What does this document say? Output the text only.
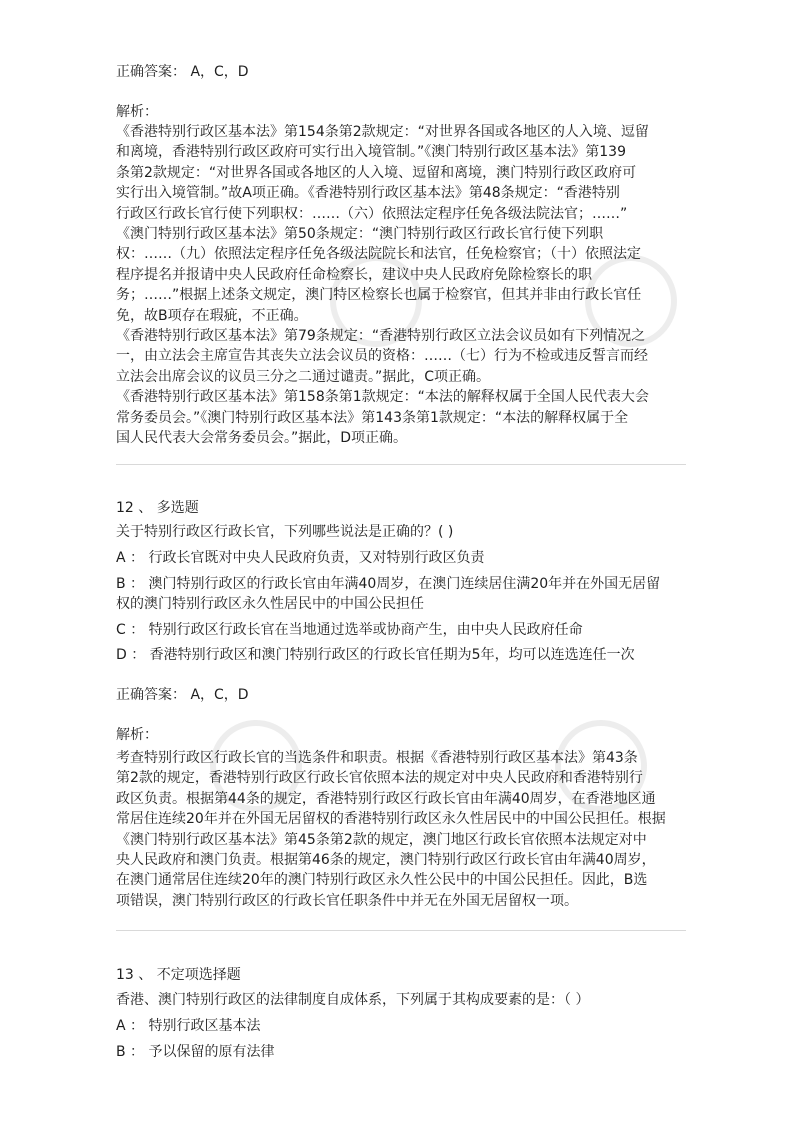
正确答案： A，C，D
解析：
《香港特别行政区基本法》第154条第2款规定：“对世界各国或各地区的人入境、逗留
和离境，香港特别行政区政府可实行出入境管制。”《澳门特别行政区基本法》第139
条第2款规定：“对世界各国或各地区的人入境、逗留和离境，澳门特别行政区政府可
实行出入境管制。”故A项正确。《香港特别行政区基本法》第48条规定：“香港特别
行政区行政长官行使下列职权：……（六）依照法定程序任免各级法院法官；……”
《澳门特别行政区基本法》第50条规定：“澳门特别行政区行政长官行使下列职
权：……（九）依照法定程序任免各级法院院长和法官，任免检察官；（十）依照法定
程序提名并报请中央人民政府任命检察长，建议中央人民政府免除检察长的职
务；……”根据上述条文规定，澳门特区检察长也属于检察官，但其并非由行政长官任
免，故B项存在瑕疵，不正确。
《香港特别行政区基本法》第79条规定：“香港特别行政区立法会议员如有下列情况之
一，由立法会主席宣告其丧失立法会议员的资格：……（七）行为不检或违反誓言而经
立法会出席会议的议员三分之二通过谴责。”据此，C项正确。
《香港特别行政区基本法》第158条第1款规定：“本法的解释权属于全国人民代表大会
常务委员会。”《澳门特别行政区基本法》第143条第1款规定：“本法的解释权属于全
国人民代表大会常务委员会。”据此，D项正确。
12 、 多选题
关于特别行政区行政长官，下列哪些说法是正确的？( )
A ： 行政长官既对中央人民政府负责，又对特别行政区负责
B ： 澳门特别行政区的行政长官由年满40周岁，在澳门连续居住满20年并在外国无居留
权的澳门特别行政区永久性居民中的中国公民担任
C ： 特别行政区行政长官在当地通过选举或协商产生，由中央人民政府任命
D ： 香港特别行政区和澳门特别行政区的行政长官任期为5年，均可以连选连任一次
正确答案： A，C，D
解析：
考查特别行政区行政长官的当选条件和职责。根据《香港特别行政区基本法》第43条
第2款的规定，香港特别行政区行政长官依照本法的规定对中央人民政府和香港特别行
政区负责。根据第44条的规定，香港特别行政区行政长官由年满40周岁，在香港地区通
常居住连续20年并在外国无居留权的香港特别行政区永久性居民中的中国公民担任。根据
《澳门特别行政区基本法》第45条第2款的规定，澳门地区行政长官依照本法规定对中
央人民政府和澳门负责。根据第46条的规定，澳门特别行政区行政长官由年满40周岁，
在澳门通常居住连续20年的澳门特别行政区永久性公民中的中国公民担任。因此，B选
项错误，澳门特别行政区的行政长官任职条件中并无在外国无居留权一项。
13 、 不定项选择题
香港、澳门特别行政区的法律制度自成体系，下列属于其构成要素的是：（ ）
A ： 特别行政区基本法
B ： 予以保留的原有法律
